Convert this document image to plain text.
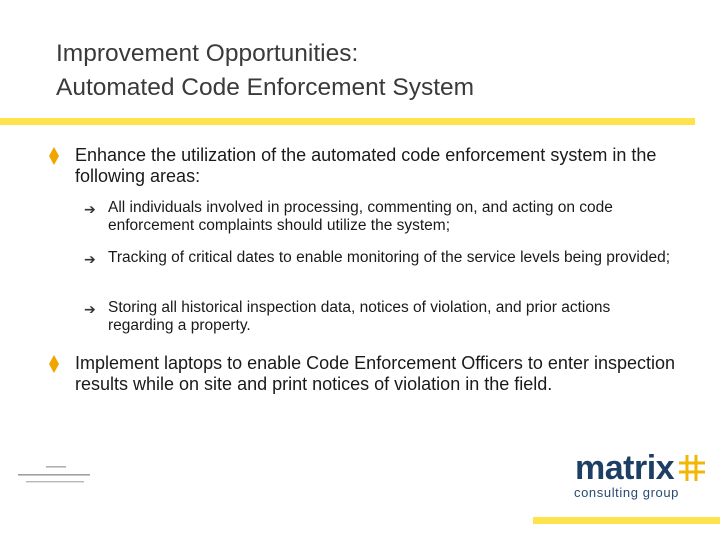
Improvement Opportunities:
Automated Code Enforcement System
Enhance the utilization of the automated code enforcement system in the following areas:
➔ All individuals involved in processing, commenting on, and acting on code enforcement complaints should utilize the system;
➔ Tracking of critical dates to enable monitoring of the service levels being provided;
➔ Storing all historical inspection data, notices of violation, and prior actions regarding a property.
Implement laptops to enable Code Enforcement Officers to enter inspection results while on site and print notices of violation in the field.
matrix
consulting group
